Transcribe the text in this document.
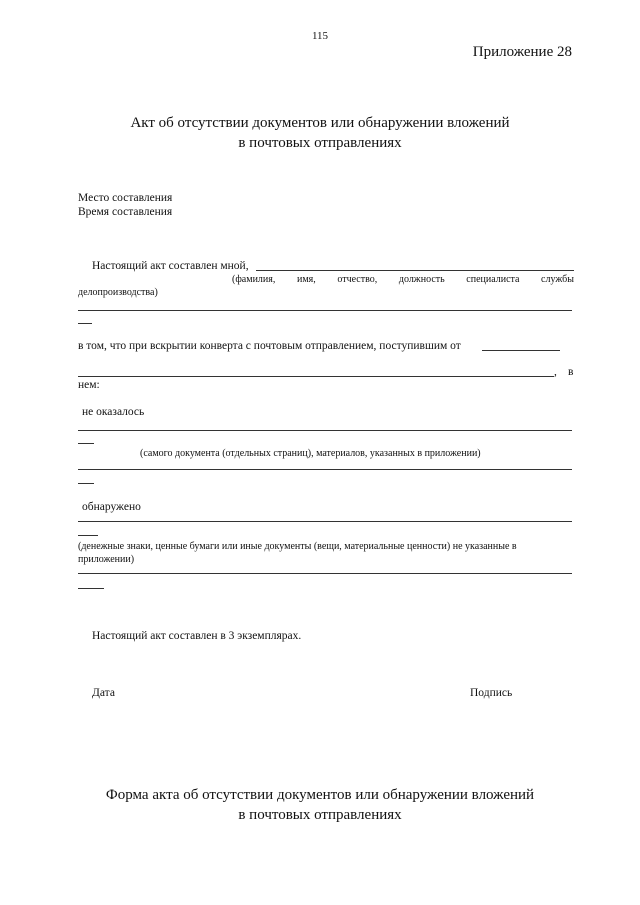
115
Приложение 28
Акт об отсутствии документов или обнаружении вложений
в почтовых отправлениях
Место составления
Время составления
Настоящий акт составлен мной,
(фамилия, имя, отчество, должность специалиста службы
делопроизводства)
в том, что при вскрытии конверта с почтовым отправлением, поступившим от
, в
нем:
не оказалось
(самого документа (отдельных страниц), материалов, указанных в приложении)
обнаружено
(денежные знаки, ценные бумаги или иные документы (вещи, материальные ценности) не указанные в приложении)
Настоящий акт составлен в 3 экземплярах.
Дата	Подпись
Форма акта об отсутствии документов или обнаружении вложений
в почтовых отправлениях
